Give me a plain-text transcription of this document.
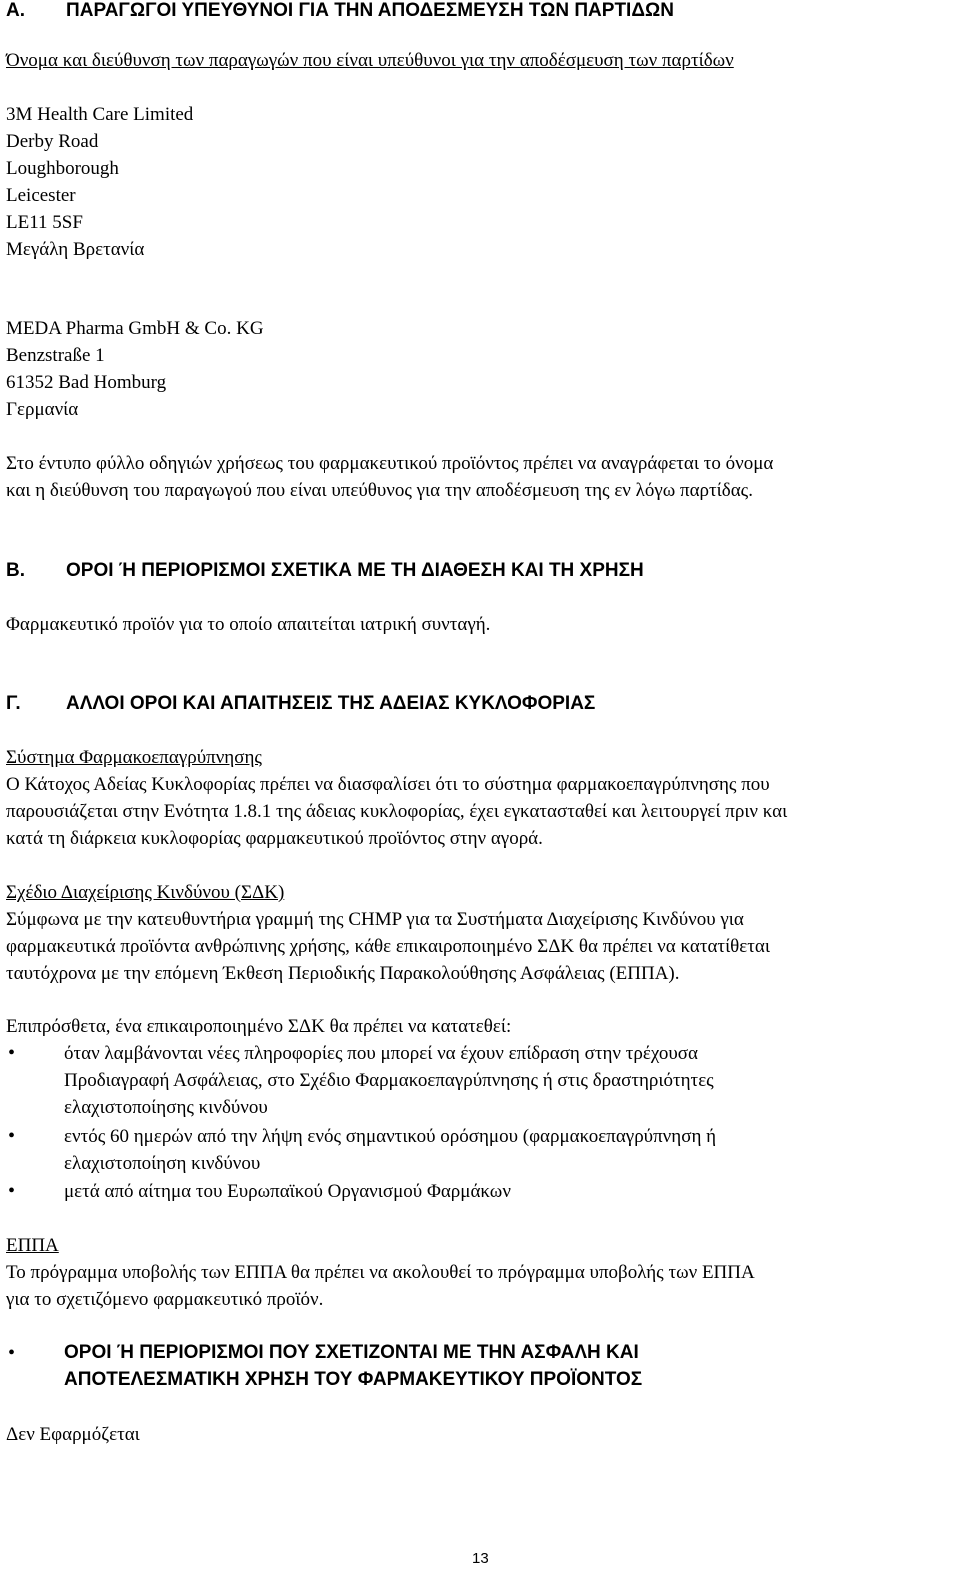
Α. ΠΑΡΑΓΩΓΟΙ ΥΠΕΥΘΥΝΟΙ ΓΙΑ ΤΗΝ ΑΠΟΔΕΣΜΕΥΣΗ ΤΩΝ ΠΑΡΤΙΔΩΝ
Όνομα και διεύθυνση των παραγωγών που είναι υπεύθυνοι για την αποδέσμευση των παρτίδων
3M Health Care Limited
Derby Road
Loughborough
Leicester
LE11 5SF
Μεγάλη Βρετανία
MEDA Pharma GmbH & Co. KG
Benzstraße 1
61352 Bad Homburg
Γερμανία
Στο έντυπο φύλλο οδηγιών χρήσεως του φαρμακευτικού προϊόντος πρέπει να αναγράφεται το όνομα
και η διεύθυνση του παραγωγού που είναι υπεύθυνος για την αποδέσμευση της εν λόγω παρτίδας.
B. ΟΡΟΙ Ή ΠΕΡΙΟΡΙΣΜΟΙ ΣΧΕΤΙΚΑ ΜΕ ΤΗ ΔΙΑΘΕΣΗ ΚΑΙ ΤΗ ΧΡΗΣΗ
Φαρμακευτικό προϊόν για το οποίο απαιτείται ιατρική συνταγή.
Γ. ΑΛΛΟΙ ΟΡΟΙ ΚΑΙ ΑΠΑΙΤΗΣΕΙΣ ΤΗΣ ΑΔΕΙΑΣ ΚΥΚΛΟΦΟΡΙΑΣ
Σύστημα Φαρμακοεπαγρύπνησης
Ο Κάτοχος Αδείας Κυκλοφορίας πρέπει να διασφαλίσει ότι το σύστημα φαρμακοεπαγρύπνησης που
παρουσιάζεται στην Ενότητα 1.8.1 της άδειας κυκλοφορίας, έχει εγκατασταθεί και λειτουργεί πριν και
κατά τη διάρκεια κυκλοφορίας φαρμακευτικού προϊόντος στην αγορά.
Σχέδιο Διαχείρισης Κινδύνου (ΣΔΚ)
Σύμφωνα με την κατευθυντήρια γραμμή της CHMP για τα Συστήματα Διαχείρισης Κινδύνου για
φαρμακευτικά προϊόντα ανθρώπινης χρήσης, κάθε επικαιροποιημένο ΣΔΚ θα πρέπει να κατατίθεται
ταυτόχρονα με την επόμενη Έκθεση Περιοδικής Παρακολούθησης Ασφάλειας (ΕΠΠΑ).
Επιπρόσθετα, ένα επικαιροποιημένο ΣΔΚ θα πρέπει να κατατεθεί:
•	όταν λαμβάνονται νέες πληροφορίες που μπορεί να έχουν επίδραση στην τρέχουσα
Προδιαγραφή Ασφάλειας, στο Σχέδιο Φαρμακοεπαγρύπνησης ή στις δραστηριότητες
ελαχιστοποίησης κινδύνου
•	εντός 60 ημερών από την λήψη ενός σημαντικού ορόσημου (φαρμακοεπαγρύπνηση ή
ελαχιστοποίηση κινδύνου
•	μετά από αίτημα του Ευρωπαϊκού Οργανισμού Φαρμάκων
ΕΠΠΑ
Το πρόγραμμα υποβολής των ΕΠΠΑ θα πρέπει να ακολουθεί το πρόγραμμα υποβολής των ΕΠΠΑ
για το σχετιζόμενο φαρμακευτικό προϊόν.
•	ΟΡΟΙ Ή ΠΕΡΙΟΡΙΣΜΟΙ ΠΟΥ ΣΧΕΤΙΖΟΝΤΑΙ ΜΕ ΤΗΝ ΑΣΦΑΛΗ ΚΑΙ
ΑΠΟΤΕΛΕΣΜΑΤΙΚΗ ΧΡΗΣΗ ΤΟΥ ΦΑΡΜΑΚΕΥΤΙΚΟΥ ΠΡΟΪΟΝΤΟΣ
Δεν Εφαρμόζεται
13
